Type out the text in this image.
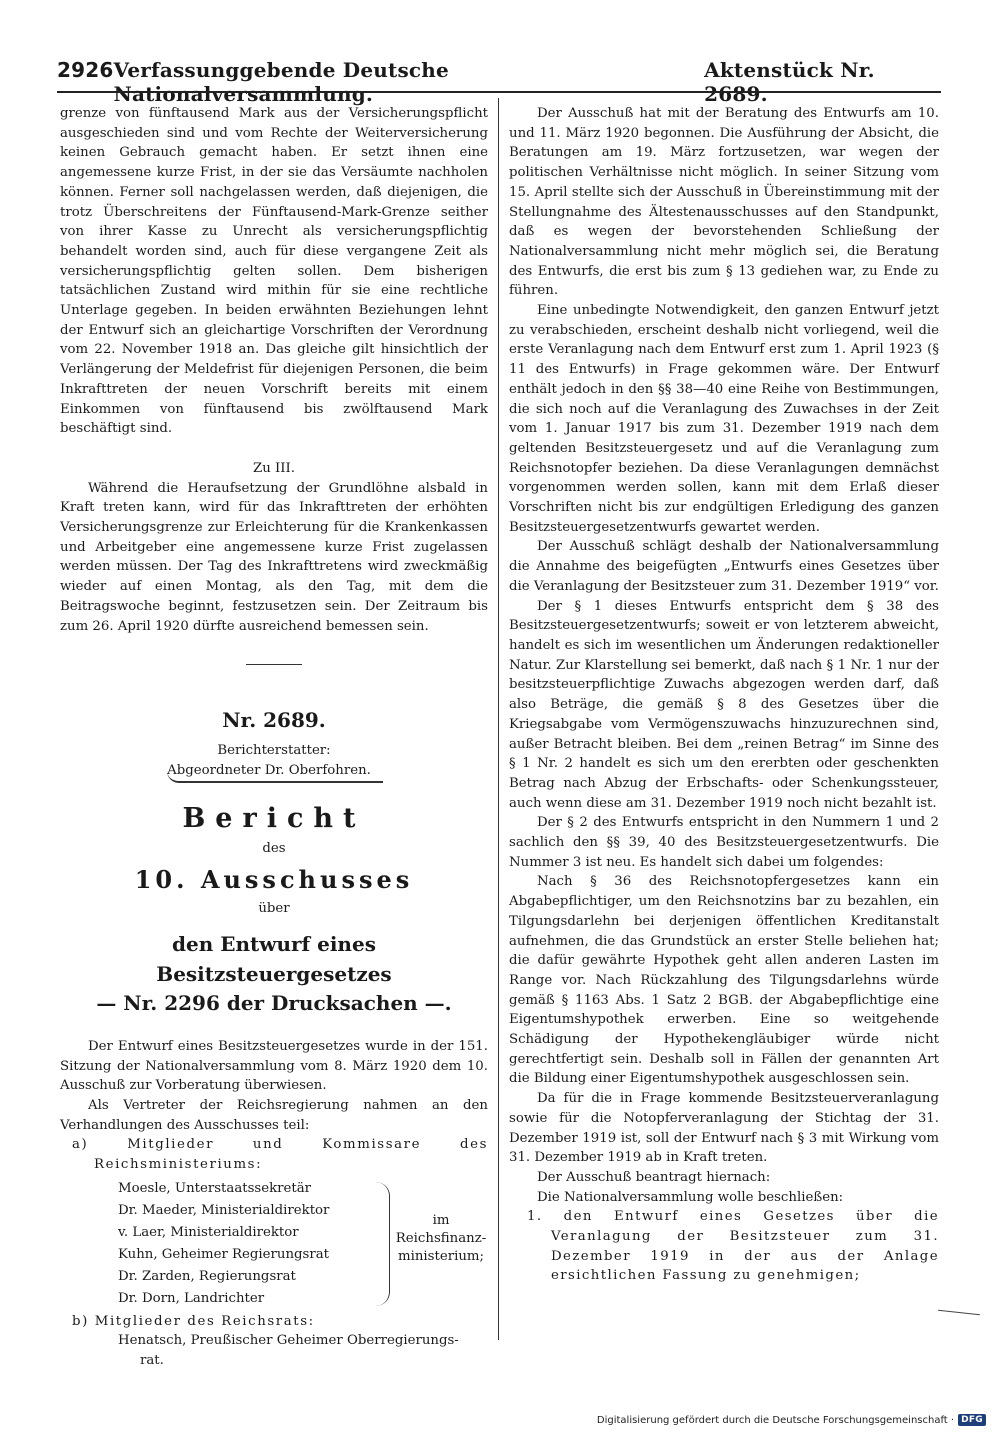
2926 Verfassunggebende Deutsche Nationalversammlung.
Aktenstück Nr. 2689.

grenze von fünftausend Mark aus der Versicherungspflicht ausgeschieden sind und vom Rechte der Weiterversicherung keinen Gebrauch gemacht haben. Er setzt ihnen eine angemessene kurze Frist, in der sie das Versäumte nachholen können. Ferner soll nachgelassen werden, daß diejenigen, die trotz Überschreitens der Fünftausend-Mark-Grenze seither von ihrer Kasse zu Unrecht als versicherungspflichtig behandelt worden sind, auch für diese vergangene Zeit als versicherungspflichtig gelten sollen. Dem bisherigen tatsächlichen Zustand wird mithin für sie eine rechtliche Unterlage gegeben. In beiden erwähnten Beziehungen lehnt der Entwurf sich an gleichartige Vorschriften der Verordnung vom 22. November 1918 an. Das gleiche gilt hinsichtlich der Verlängerung der Meldefrist für diejenigen Personen, die beim Inkrafttreten der neuen Vorschrift bereits mit einem Einkommen von fünftausend bis zwölftausend Mark beschäftigt sind.

Zu III.

Während die Heraufsetzung der Grundlöhne alsbald in Kraft treten kann, wird für das Inkrafttreten der erhöhten Versicherungsgrenze zur Erleichterung für die Krankenkassen und Arbeitgeber eine angemessene kurze Frist zugelassen werden müssen. Der Tag des Inkrafttretens wird zweckmäßig wieder auf einen Montag, als den Tag, mit dem die Beitragswoche beginnt, festzusetzen sein. Der Zeitraum bis zum 26. April 1920 dürfte ausreichend bemessen sein.

Nr. 2689.
Berichterstatter:
Abgeordneter Dr. Oberfohren.
Bericht
des
10. Ausschusses
über
den Entwurf eines Besitzsteuergesetzes
— Nr. 2296 der Drucksachen —.

Der Entwurf eines Besitzsteuergesetzes wurde in der 151. Sitzung der Nationalversammlung vom 8. März 1920 dem 10. Ausschuß zur Vorberatung überwiesen.

Als Vertreter der Reichsregierung nahmen an den Verhandlungen des Ausschusses teil:

a) Mitglieder und Kommissare des Reichsministeriums:

Moesle, Unterstaatssekretär
Dr. Maeder, Ministerialdirektor
v. Laer, Ministerialdirektor
Kuhn, Geheimer Regierungsrat
Dr. Zarden, Regierungsrat
Dr. Dorn, Landrichter
im
Reichsfinanz-
ministerium;

b) Mitglieder des Reichsrats:

Henatsch, Preußischer Geheimer Oberregierungs-

rat.

Der Ausschuß hat mit der Beratung des Entwurfs am 10. und 11. März 1920 begonnen. Die Ausführung der Absicht, die Beratungen am 19. März fortzusetzen, war wegen der politischen Verhältnisse nicht möglich. In seiner Sitzung vom 15. April stellte sich der Ausschuß in Übereinstimmung mit der Stellungnahme des Ältestenausschusses auf den Standpunkt, daß es wegen der bevorstehenden Schließung der Nationalversammlung nicht mehr möglich sei, die Beratung des Entwurfs, die erst bis zum § 13 gediehen war, zu Ende zu führen.

Eine unbedingte Notwendigkeit, den ganzen Entwurf jetzt zu verabschieden, erscheint deshalb nicht vorliegend, weil die erste Veranlagung nach dem Entwurf erst zum 1. April 1923 (§ 11 des Entwurfs) in Frage gekommen wäre. Der Entwurf enthält jedoch in den §§ 38—40 eine Reihe von Bestimmungen, die sich noch auf die Veranlagung des Zuwachses in der Zeit vom 1. Januar 1917 bis zum 31. Dezember 1919 nach dem geltenden Besitzsteuergesetz und auf die Veranlagung zum Reichsnotopfer beziehen. Da diese Veranlagungen demnächst vorgenommen werden sollen, kann mit dem Erlaß dieser Vorschriften nicht bis zur endgültigen Erledigung des ganzen Besitzsteuergesetzentwurfs gewartet werden.

Der Ausschuß schlägt deshalb der Nationalversammlung die Annahme des beigefügten „Entwurfs eines Gesetzes über die Veranlagung der Besitzsteuer zum 31. Dezember 1919“ vor.

Der § 1 dieses Entwurfs entspricht dem § 38 des Besitzsteuergesetzentwurfs; soweit er von letzterem abweicht, handelt es sich im wesentlichen um Änderungen redaktioneller Natur. Zur Klarstellung sei bemerkt, daß nach § 1 Nr. 1 nur der besitzsteuerpflichtige Zuwachs abgezogen werden darf, daß also Beträge, die gemäß § 8 des Gesetzes über die Kriegsabgabe vom Vermögenszuwachs hinzuzurechnen sind, außer Betracht bleiben. Bei dem „reinen Betrag“ im Sinne des § 1 Nr. 2 handelt es sich um den ererbten oder geschenkten Betrag nach Abzug der Erbschafts- oder Schenkungssteuer, auch wenn diese am 31. Dezember 1919 noch nicht bezahlt ist.

Der § 2 des Entwurfs entspricht in den Nummern 1 und 2 sachlich den §§ 39, 40 des Besitzsteuergesetzentwurfs. Die Nummer 3 ist neu. Es handelt sich dabei um folgendes:

Nach § 36 des Reichsnotopfergesetzes kann ein Abgabepflichtiger, um den Reichsnotzins bar zu bezahlen, ein Tilgungsdarlehn bei derjenigen öffentlichen Kreditanstalt aufnehmen, die das Grundstück an erster Stelle beliehen hat; die dafür gewährte Hypothek geht allen anderen Lasten im Range vor. Nach Rückzahlung des Tilgungsdarlehns würde gemäß § 1163 Abs. 1 Satz 2 BGB. der Abgabepflichtige eine Eigentumshypothek erwerben. Eine so weitgehende Schädigung der Hypothekengläubiger würde nicht gerechtfertigt sein. Deshalb soll in Fällen der genannten Art die Bildung einer Eigentumshypothek ausgeschlossen sein.

Da für die in Frage kommende Besitzsteuerveranlagung sowie für die Notopferveranlagung der Stichtag der 31. Dezember 1919 ist, soll der Entwurf nach § 3 mit Wirkung vom 31. Dezember 1919 ab in Kraft treten.

Der Ausschuß beantragt hiernach:

Die Nationalversammlung wolle beschließen:

1. den Entwurf eines Gesetzes über die Veranlagung der Besitzsteuer zum 31. Dezember 1919 in der aus der Anlage ersichtlichen Fassung zu genehmigen;

Digitalisierung gefördert durch die Deutsche Forschungsgemeinschaft · DFG
